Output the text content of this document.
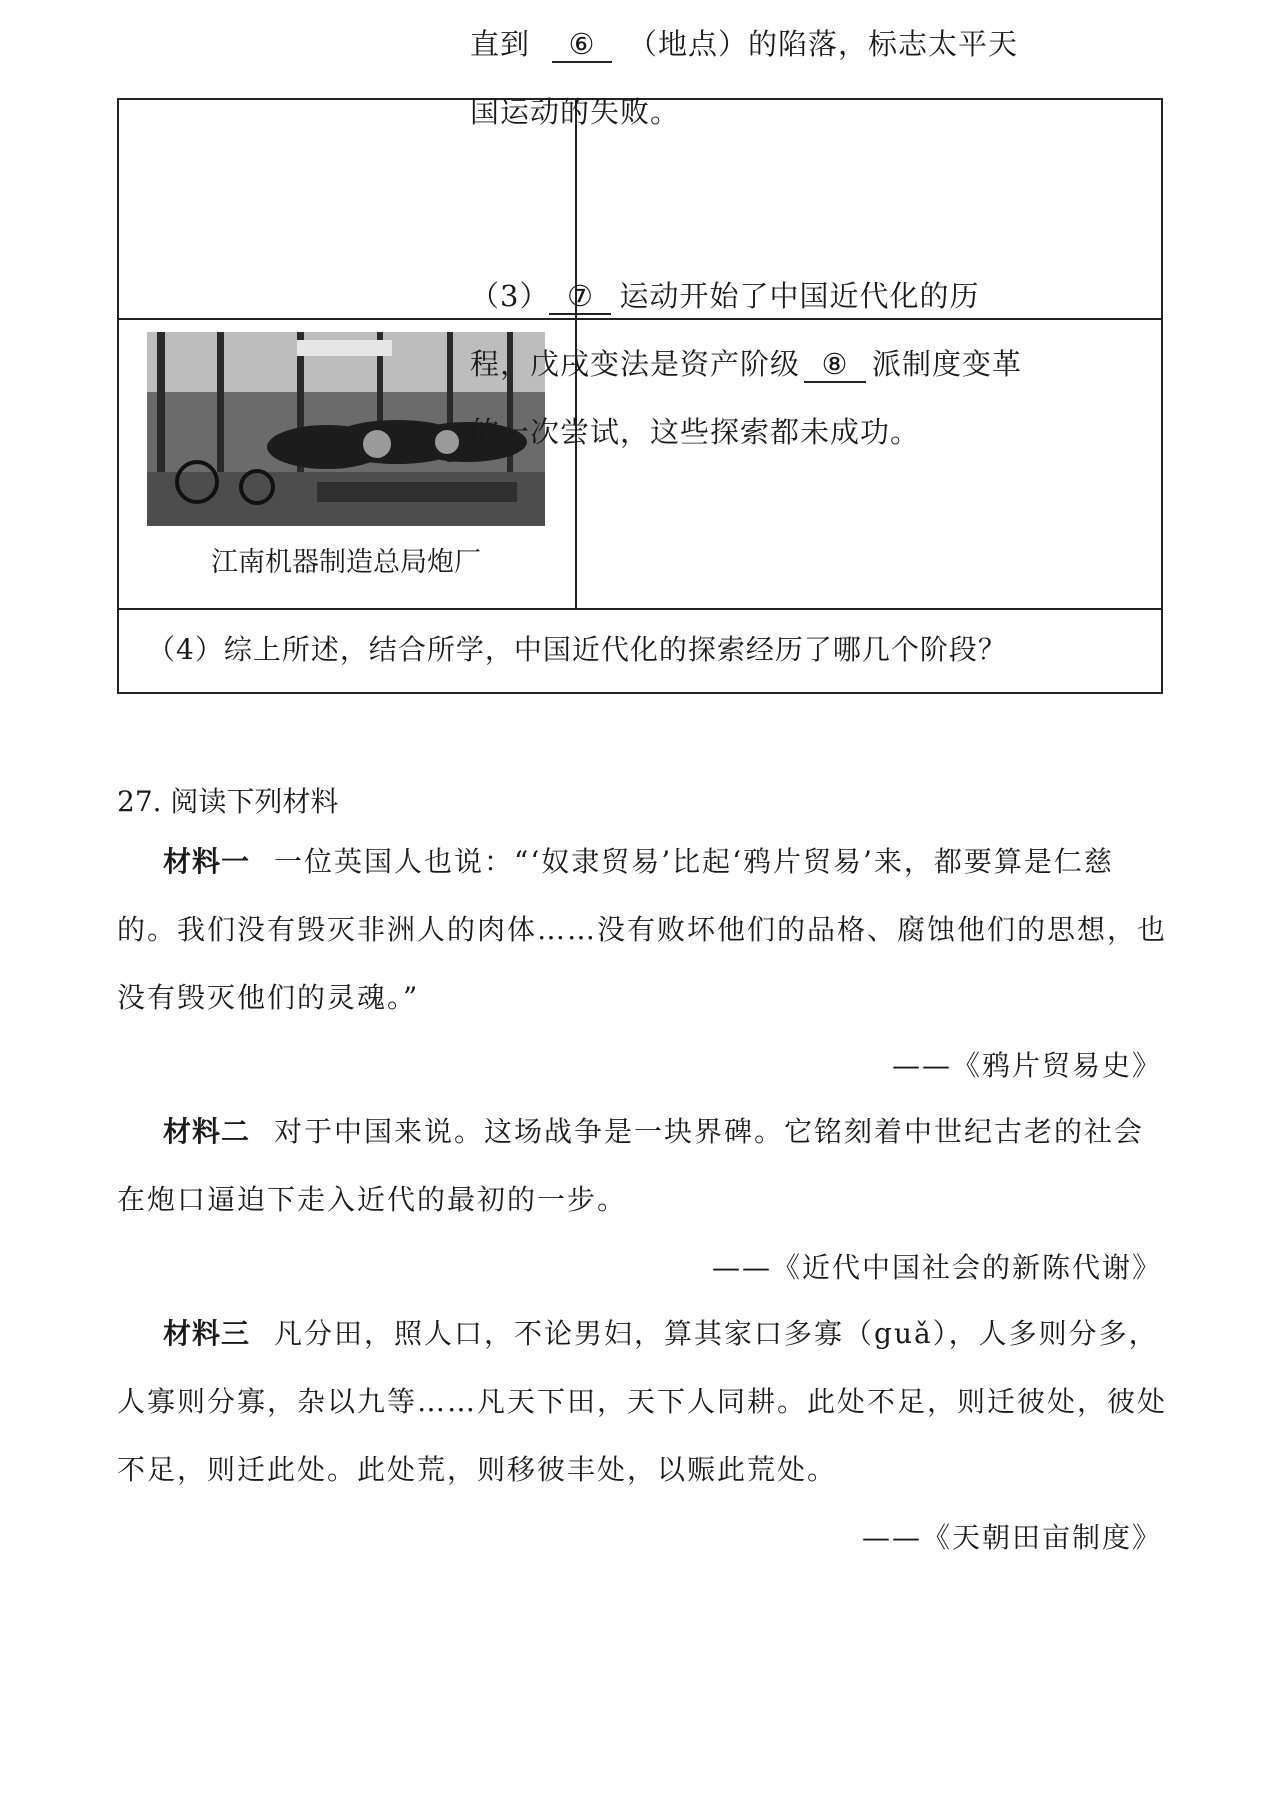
直到 ⑥ （地点）的陷落，标志太平天国运动的失败。
江南机器制造总局炮厂
（3） ⑦ 运动开始了中国近代化的历程，戊戌变法是资产阶级 ⑧ 派制度变革的一次尝试，这些探索都未成功。
（4）综上所述，结合所学，中国近代化的探索经历了哪几个阶段？
27. 阅读下列材料
材料一 一位英国人也说：“‘奴隶贸易’比起‘鸦片贸易’来，都要算是仁慈的。我们没有毁灭非洲人的肉体……没有败坏他们的品格、腐蚀他们的思想，也没有毁灭他们的灵魂。”
——《鸦片贸易史》
材料二 对于中国来说。这场战争是一块界碑。它铭刻着中世纪古老的社会在炮口逼迫下走入近代的最初的一步。
——《近代中国社会的新陈代谢》
材料三 凡分田，照人口，不论男妇，算其家口多寡（guǎ），人多则分多，人寡则分寡，杂以九等……凡天下田，天下人同耕。此处不足，则迁彼处，彼处不足，则迁此处。此处荒，则移彼丰处，以赈此荒处。
——《天朝田亩制度》
